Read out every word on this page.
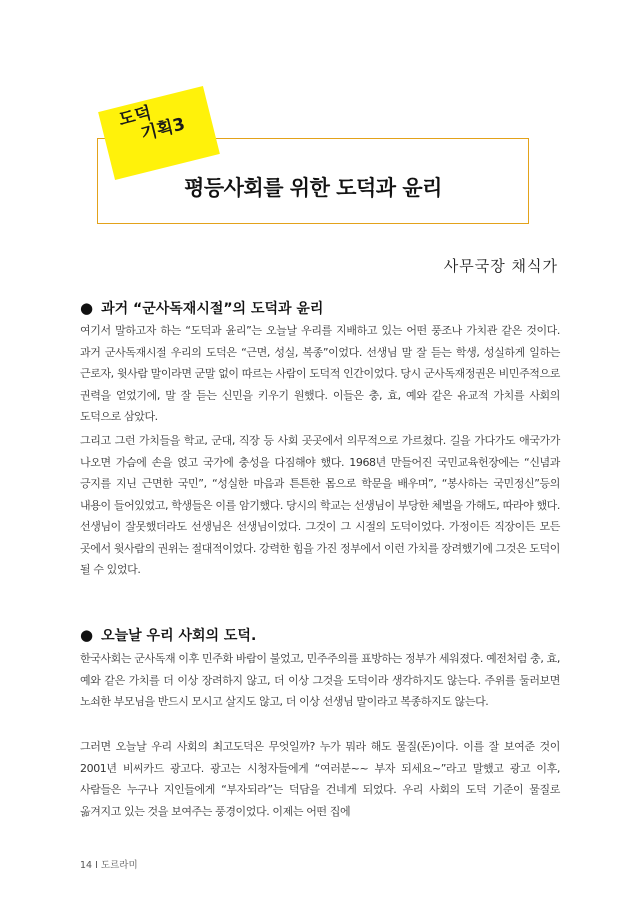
도덕
기획3
평등사회를 위한 도덕과 윤리
사무국장 채식가
● 과거 “군사독재시절”의 도덕과 윤리
여기서 말하고자 하는 “도덕과 윤리”는 오늘날 우리를 지배하고 있는 어떤 풍조나 가치관 같은 것이다. 과거 군사독재시절 우리의 도덕은 “근면, 성실, 복종”이었다. 선생님 말 잘 듣는 학생, 성실하게 일하는 근로자, 윗사람 말이라면 군말 없이 따르는 사람이 도덕적 인간이었다. 당시 군사독재정권은 비민주적으로 권력을 얻었기에, 말 잘 듣는 신민을 키우기 원했다. 이들은 충, 효, 예와 같은 유교적 가치를 사회의 도덕으로 삼았다.
그리고 그런 가치들을 학교, 군대, 직장 등 사회 곳곳에서 의무적으로 가르쳤다. 길을 가다가도 애국가가 나오면 가슴에 손을 얹고 국가에 충성을 다짐해야 했다. 1968년 만들어진 국민교육헌장에는 “신념과 긍지를 지닌 근면한 국민”, “성실한 마음과 튼튼한 몸으로 학문을 배우며”, “봉사하는 국민정신”등의 내용이 들어있었고, 학생들은 이를 암기했다. 당시의 학교는 선생님이 부당한 체벌을 가해도, 따라야 했다. 선생님이 잘못했더라도 선생님은 선생님이었다. 그것이 그 시절의 도덕이었다. 가정이든 직장이든 모든 곳에서 윗사람의 권위는 절대적이었다. 강력한 힘을 가진 정부에서 이런 가치를 장려했기에 그것은 도덕이 될 수 있었다.
● 오늘날 우리 사회의 도덕.
한국사회는 군사독재 이후 민주화 바람이 불었고, 민주주의를 표방하는 정부가 세워졌다. 예전처럼 충, 효, 예와 같은 가치를 더 이상 장려하지 않고, 더 이상 그것을 도덕이라 생각하지도 않는다. 주위를 둘러보면 노쇠한 부모님을 반드시 모시고 살지도 않고, 더 이상 선생님 말이라고 복종하지도 않는다.
그러면 오늘날 우리 사회의 최고도덕은 무엇일까? 누가 뭐라 해도 물질(돈)이다. 이를 잘 보여준 것이 2001년 비씨카드 광고다. 광고는 시청자들에게 “여러분~~ 부자 되세요~”라고 말했고 광고 이후, 사람들은 누구나 지인들에게 “부자되라”는 덕담을 건네게 되었다. 우리 사회의 도덕 기준이 물질로 옮겨지고 있는 것을 보여주는 풍경이었다. 이제는 어떤 집에
14 Ι 도르라미
